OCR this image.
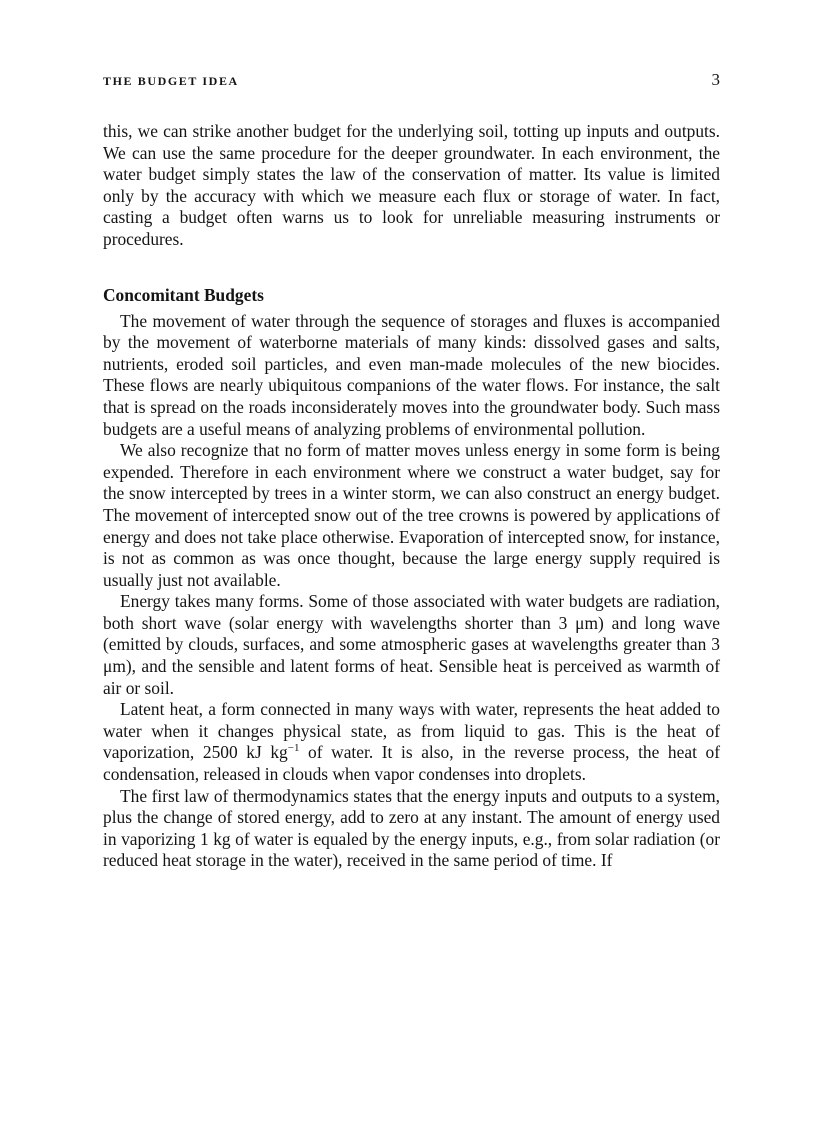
THE BUDGET IDEA	3

this, we can strike another budget for the underlying soil, totting up inputs and outputs. We can use the same procedure for the deeper groundwater. In each environment, the water budget simply states the law of the conservation of matter. Its value is limited only by the accuracy with which we measure each flux or storage of water. In fact, casting a budget often warns us to look for unreliable measuring instruments or procedures.

Concomitant Budgets

The movement of water through the sequence of storages and fluxes is accompanied by the movement of waterborne materials of many kinds: dissolved gases and salts, nutrients, eroded soil particles, and even man-made molecules of the new biocides. These flows are nearly ubiquitous companions of the water flows. For instance, the salt that is spread on the roads inconsiderately moves into the groundwater body. Such mass budgets are a useful means of analyzing problems of environmental pollution.

We also recognize that no form of matter moves unless energy in some form is being expended. Therefore in each environment where we construct a water budget, say for the snow intercepted by trees in a winter storm, we can also construct an energy budget. The movement of intercepted snow out of the tree crowns is powered by applications of energy and does not take place otherwise. Evaporation of intercepted snow, for instance, is not as common as was once thought, because the large energy supply required is usually just not available.

Energy takes many forms. Some of those associated with water budgets are radiation, both short wave (solar energy with wavelengths shorter than 3 μm) and long wave (emitted by clouds, surfaces, and some atmospheric gases at wavelengths greater than 3 μm), and the sensible and latent forms of heat. Sensible heat is perceived as warmth of air or soil.

Latent heat, a form connected in many ways with water, represents the heat added to water when it changes physical state, as from liquid to gas. This is the heat of vaporization, 2500 kJ $kg^{-1}$ of water. It is also, in the reverse process, the heat of condensation, released in clouds when vapor condenses into droplets.

The first law of thermodynamics states that the energy inputs and outputs to a system, plus the change of stored energy, add to zero at any instant. The amount of energy used in vaporizing 1 kg of water is equaled by the energy inputs, e.g., from solar radiation (or reduced heat storage in the water), received in the same period of time. If
